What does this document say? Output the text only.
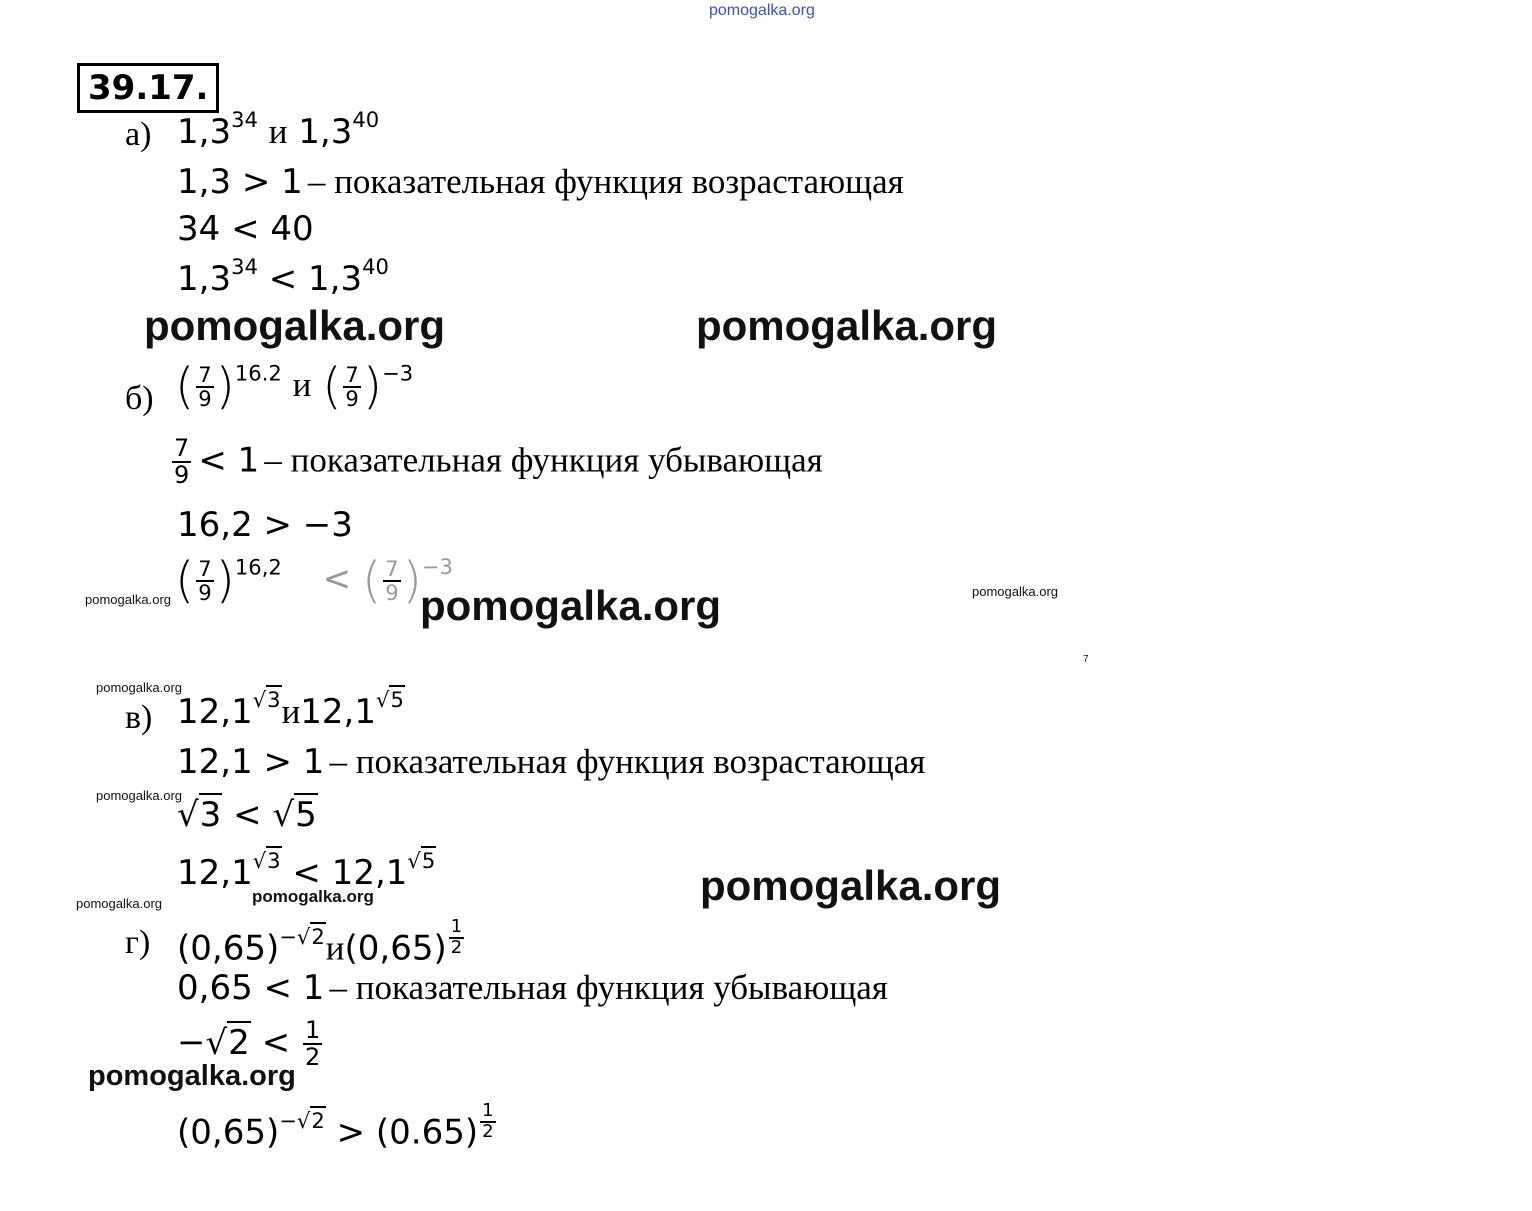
pomogalka.org
39.17.
а) $1,3^{34}$ и $1,3^{40}$
1,3 > 1 – показательная функция возрастающая
34 < 40
$1,3^{34} < 1,3^{40}$
pomogalka.org	pomogalka.org
б) ( $\frac{7}{9} )^{16.2}$ и ( $\frac{7}{9} )^{-3}$
$\frac{7}{9} < 1$ – показательная функция убывающая
16,2 > −3
( $\frac{7}{9} )^{16,2}$ < ( $\frac{7}{9} )^{-3}$
pomogalka.org	pomogalka.org	pomogalka.org
7
pomogalka.org
в) $12,1^{√3}и12,1^{√5}$
12,1 > 1 – показательная функция возрастающая
pomogalka.org
√3 < √5
$12,1^{√3} < 12,1^{√5}$
pomogalka.org
pomogalka.org	pomogalka.org
г) $(0,65)^{-√2}и(0,65)$ $^{\frac{1}{2}}$
0,65 < 1 – показательная функция убывающая
$-√2 < \frac{1}{2}$
pomogalka.org
$(0,65)^{-√2} > (0.65)$ $^{\frac{1}{2}}$
